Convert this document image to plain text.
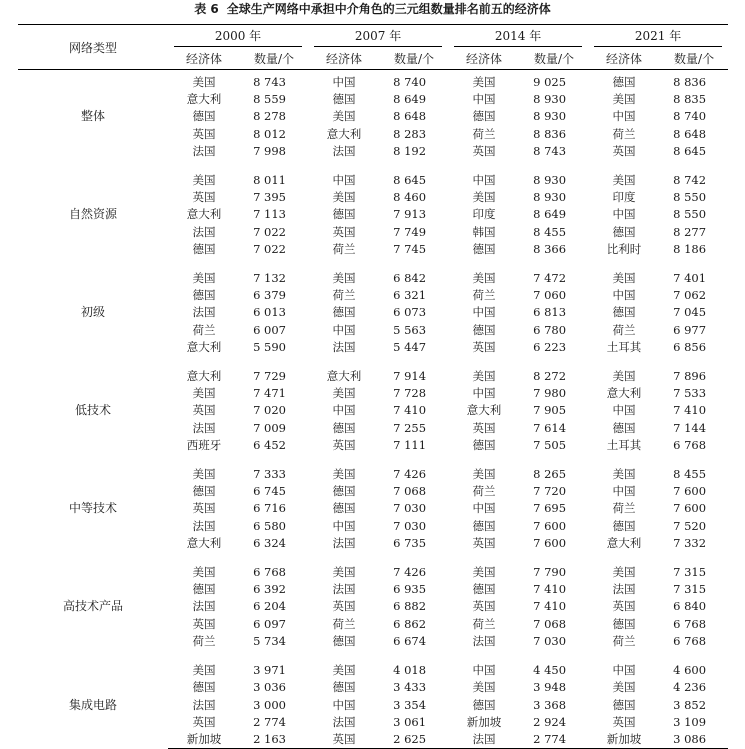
表 6 全球生产网络中承担中介角色的三元组数量排名前五的经济体
网络类型	2000 年		2007 年		2014 年		2021 年	

	经济体	数量/个	经济体	数量/个	经济体	数量/个	经济体	数量/个
整体	美国	8 743	中国	8 740	美国	9 025	德国	8 836
	意大利	8 559	德国	8 649	中国	8 930	美国	8 835
	德国	8 278	美国	8 648	德国	8 930	中国	8 740
	英国	8 012	意大利	8 283	荷兰	8 836	荷兰	8 648
	法国	7 998	法国	8 192	英国	8 743	英国	8 645

自然资源	美国	8 011	中国	8 645	中国	8 930	美国	8 742
	英国	7 395	美国	8 460	美国	8 930	印度	8 550
	意大利	7 113	德国	7 913	印度	8 649	中国	8 550
	法国	7 022	英国	7 749	韩国	8 455	德国	8 277
	德国	7 022	荷兰	7 745	德国	8 366	比利时	8 186

初级	美国	7 132	美国	6 842	美国	7 472	美国	7 401
	德国	6 379	荷兰	6 321	荷兰	7 060	中国	7 062
	法国	6 013	德国	6 073	中国	6 813	德国	7 045
	荷兰	6 007	中国	5 563	德国	6 780	荷兰	6 977
	意大利	5 590	法国	5 447	英国	6 223	土耳其	6 856

低技术	意大利	7 729	意大利	7 914	美国	8 272	美国	7 896
	美国	7 471	美国	7 728	中国	7 980	意大利	7 533
	英国	7 020	中国	7 410	意大利	7 905	中国	7 410
	法国	7 009	德国	7 255	英国	7 614	德国	7 144
	西班牙	6 452	英国	7 111	德国	7 505	土耳其	6 768

中等技术	美国	7 333	美国	7 426	美国	8 265	美国	8 455
	德国	6 745	德国	7 068	荷兰	7 720	中国	7 600
	英国	6 716	德国	7 030	中国	7 695	荷兰	7 600
	法国	6 580	中国	7 030	德国	7 600	德国	7 520
	意大利	6 324	法国	6 735	英国	7 600	意大利	7 332

高技术产品	美国	6 768	美国	7 426	美国	7 790	美国	7 315
	德国	6 392	法国	6 935	德国	7 410	法国	7 315
	法国	6 204	英国	6 882	英国	7 410	英国	6 840
	英国	6 097	荷兰	6 862	荷兰	7 068	德国	6 768
	荷兰	5 734	德国	6 674	法国	7 030	荷兰	6 768

集成电路	美国	3 971	美国	4 018	中国	4 450	中国	4 600
	德国	3 036	德国	3 433	美国	3 948	美国	4 236
	法国	3 000	中国	3 354	德国	3 368	德国	3 852
	英国	2 774	法国	3 061	新加坡	2 924	英国	3 109
	新加坡	2 163	英国	2 625	法国	2 774	新加坡	3 086
